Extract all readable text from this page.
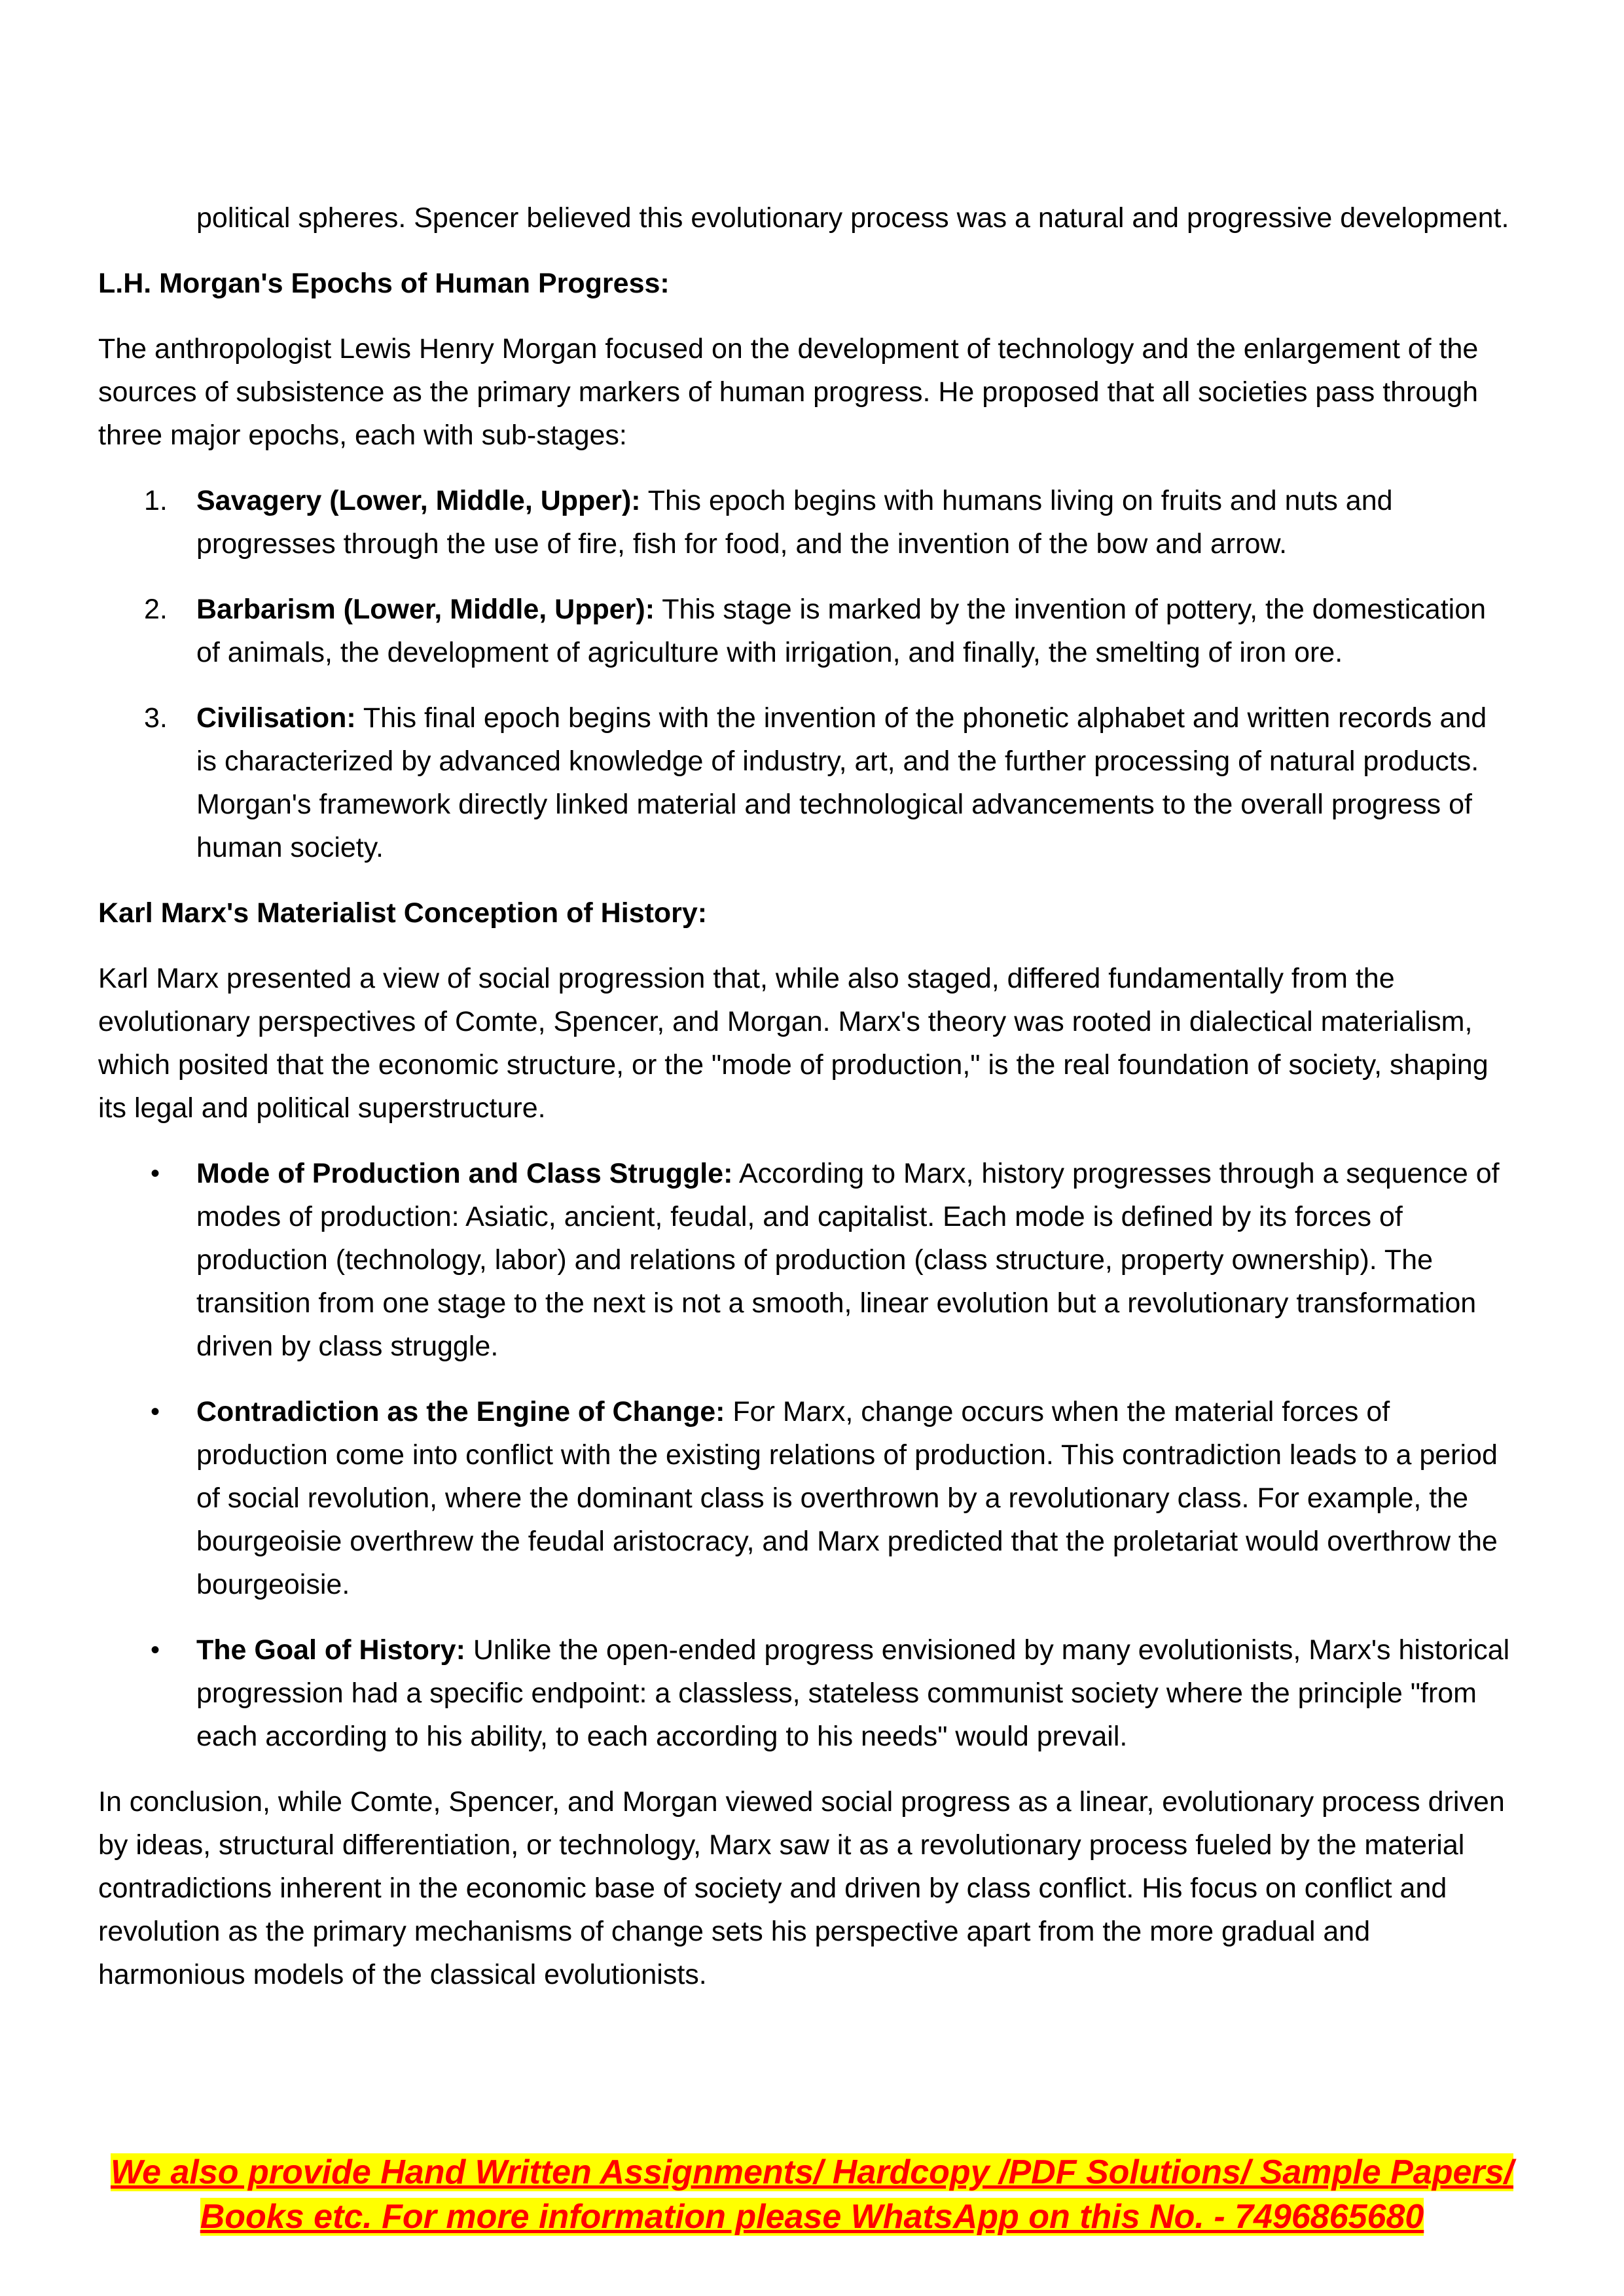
political spheres. Spencer believed this evolutionary process was a natural and progressive development.

L.H. Morgan's Epochs of Human Progress:

The anthropologist Lewis Henry Morgan focused on the development of technology and the enlargement of the sources of subsistence as the primary markers of human progress. He proposed that all societies pass through three major epochs, each with sub-stages:

1. Savagery (Lower, Middle, Upper): This epoch begins with humans living on fruits and nuts and progresses through the use of fire, fish for food, and the invention of the bow and arrow.
2. Barbarism (Lower, Middle, Upper): This stage is marked by the invention of pottery, the domestication of animals, the development of agriculture with irrigation, and finally, the smelting of iron ore.
3. Civilisation: This final epoch begins with the invention of the phonetic alphabet and written records and is characterized by advanced knowledge of industry, art, and the further processing of natural products. Morgan's framework directly linked material and technological advancements to the overall progress of human society.

Karl Marx's Materialist Conception of History:

Karl Marx presented a view of social progression that, while also staged, differed fundamentally from the evolutionary perspectives of Comte, Spencer, and Morgan. Marx's theory was rooted in dialectical materialism, which posited that the economic structure, or the "mode of production," is the real foundation of society, shaping its legal and political superstructure.

• Mode of Production and Class Struggle: According to Marx, history progresses through a sequence of modes of production: Asiatic, ancient, feudal, and capitalist. Each mode is defined by its forces of production (technology, labor) and relations of production (class structure, property ownership). The transition from one stage to the next is not a smooth, linear evolution but a revolutionary transformation driven by class struggle.
• Contradiction as the Engine of Change: For Marx, change occurs when the material forces of production come into conflict with the existing relations of production. This contradiction leads to a period of social revolution, where the dominant class is overthrown by a revolutionary class. For example, the bourgeoisie overthrew the feudal aristocracy, and Marx predicted that the proletariat would overthrow the bourgeoisie.
• The Goal of History: Unlike the open-ended progress envisioned by many evolutionists, Marx's historical progression had a specific endpoint: a classless, stateless communist society where the principle "from each according to his ability, to each according to his needs" would prevail.

In conclusion, while Comte, Spencer, and Morgan viewed social progress as a linear, evolutionary process driven by ideas, structural differentiation, or technology, Marx saw it as a revolutionary process fueled by the material contradictions inherent in the economic base of society and driven by class conflict. His focus on conflict and revolution as the primary mechanisms of change sets his perspective apart from the more gradual and harmonious models of the classical evolutionists.

We also provide Hand Written Assignments/ Hardcopy /PDF Solutions/ Sample Papers/
Books etc. For more information please WhatsApp on this No. - 7496865680
